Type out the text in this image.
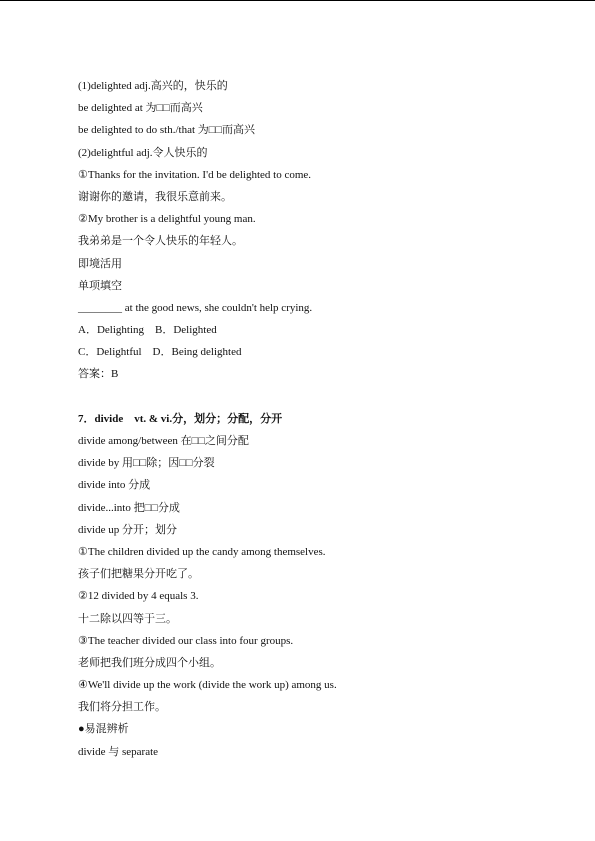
(1)delighted adj.高兴的，快乐的
be delighted at 为□□而高兴
be delighted to do sth./that 为□□而高兴
(2)delightful adj.令人快乐的
①Thanks for the invitation. I'd be delighted to come.
谢谢你的邀请，我很乐意前来。
②My brother is a delightful young man.
我弟弟是一个令人快乐的年轻人。
即境活用
单项填空
________ at the good news, she couldn't help crying.
A．Delighting　B．Delighted
C．Delightful　D．Being delighted
答案：B
7．divide　vt. & vi.分，划分；分配，分开
divide among/between 在□□之间分配
divide by 用□□除；因□□分裂
divide into 分成
divide...into 把□□分成
divide up 分开；划分
①The children divided up the candy among themselves.
孩子们把糖果分开吃了。
②12 divided by 4 equals 3.
十二除以四等于三。
③The teacher divided our class into four groups.
老师把我们班分成四个小组。
④We'll divide up the work (divide the work up) among us.
我们将分担工作。
●易混辨析
divide 与 separate
